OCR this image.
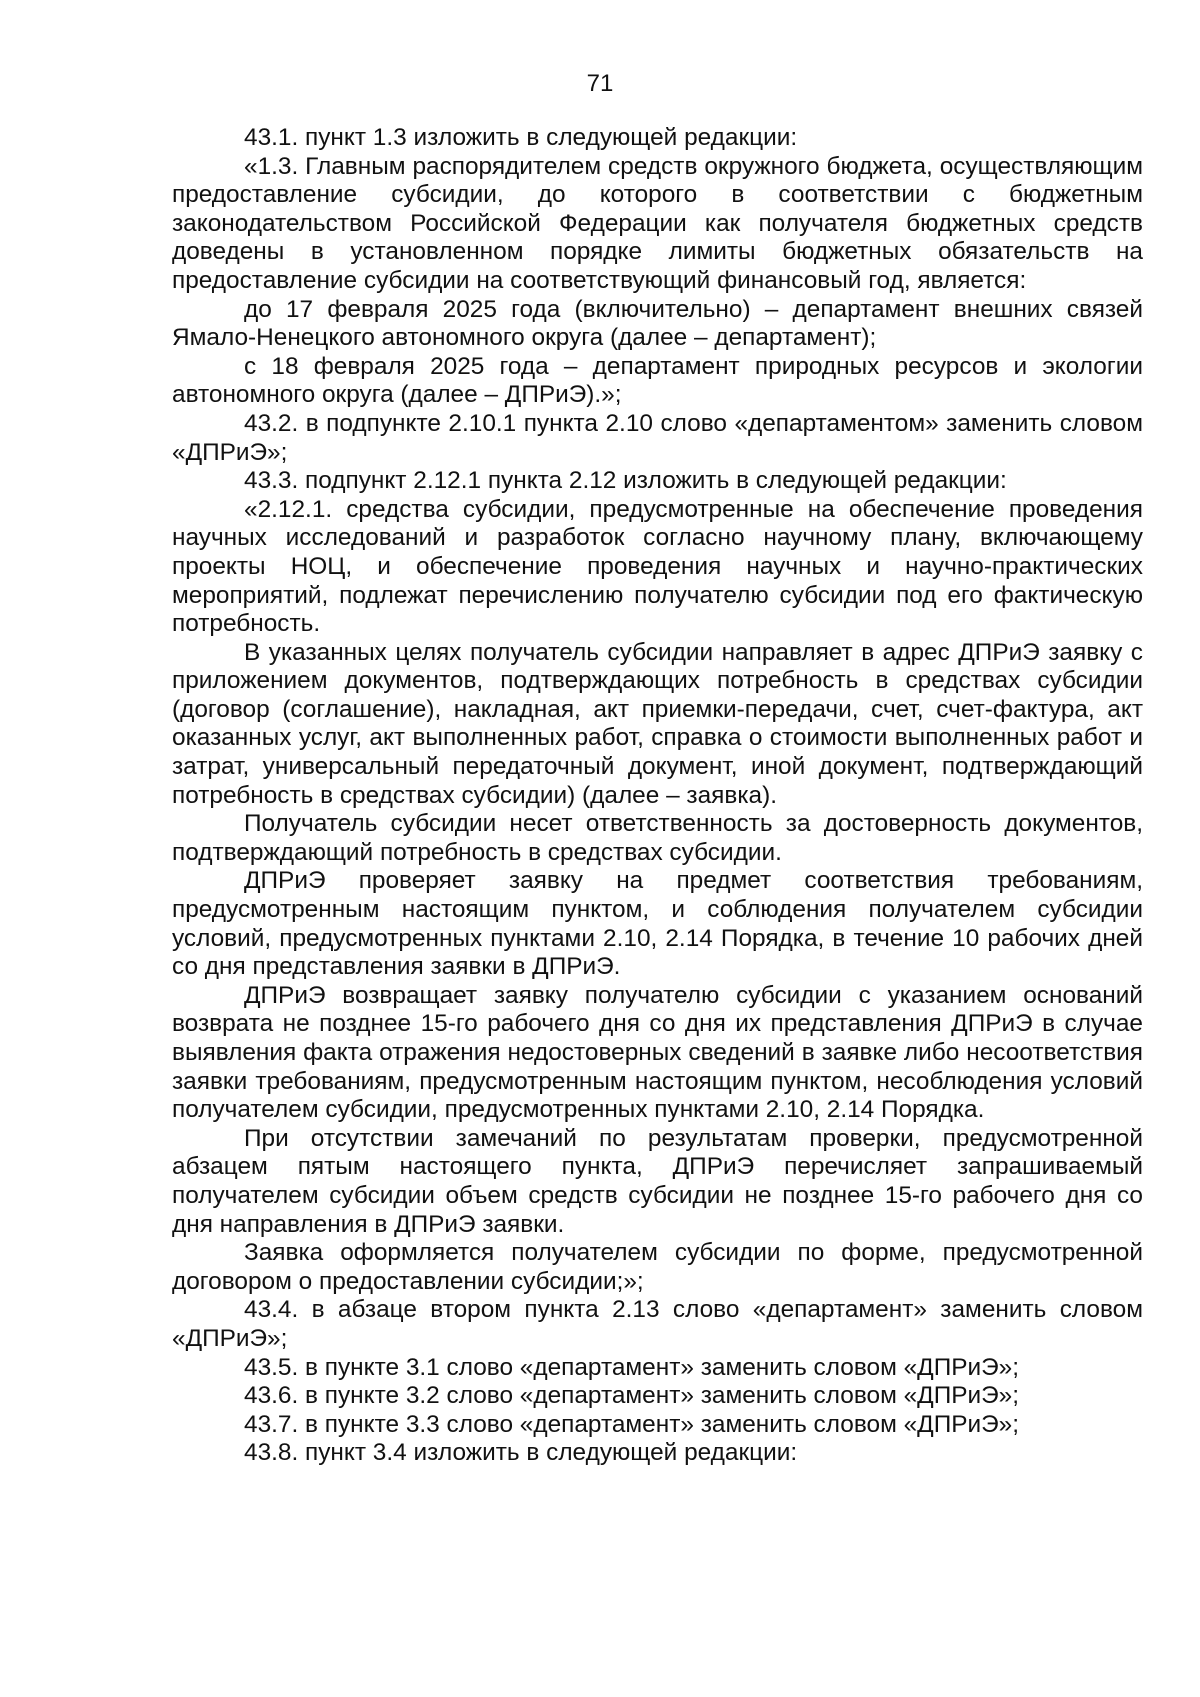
71

43.1. пункт 1.3 изложить в следующей редакции:

«1.3. Главным распорядителем средств окружного бюджета, осуществляющим предоставление субсидии, до которого в соответствии с бюджетным законодательством Российской Федерации как получателя бюджетных средств доведены в установленном порядке лимиты бюджетных обязательств на предоставление субсидии на соответствующий финансовый год, является:

до 17 февраля 2025 года (включительно) – департамент внешних связей Ямало-Ненецкого автономного округа (далее – департамент);

с 18 февраля 2025 года – департамент природных ресурсов и экологии автономного округа (далее – ДПРиЭ).»;

43.2. в подпункте 2.10.1 пункта 2.10 слово «департаментом» заменить словом «ДПРиЭ»;

43.3. подпункт 2.12.1 пункта 2.12 изложить в следующей редакции:

«2.12.1. средства субсидии, предусмотренные на обеспечение проведения научных исследований и разработок согласно научному плану, включающему проекты НОЦ, и обеспечение проведения научных и научно-практических мероприятий, подлежат перечислению получателю субсидии под его фактическую потребность.

В указанных целях получатель субсидии направляет в адрес ДПРиЭ заявку с приложением документов, подтверждающих потребность в средствах субсидии (договор (соглашение), накладная, акт приемки-передачи, счет, счет-фактура, акт оказанных услуг, акт выполненных работ, справка о стоимости выполненных работ и затрат, универсальный передаточный документ, иной документ, подтверждающий потребность в средствах субсидии) (далее – заявка).

Получатель субсидии несет ответственность за достоверность документов, подтверждающий потребность в средствах субсидии.

ДПРиЭ проверяет заявку на предмет соответствия требованиям, предусмотренным настоящим пунктом, и соблюдения получателем субсидии условий, предусмотренных пунктами 2.10, 2.14 Порядка, в течение 10 рабочих дней со дня представления заявки в ДПРиЭ.

ДПРиЭ возвращает заявку получателю субсидии с указанием оснований возврата не позднее 15-го рабочего дня со дня их представления ДПРиЭ в случае выявления факта отражения недостоверных сведений в заявке либо несоответствия заявки требованиям, предусмотренным настоящим пунктом, несоблюдения условий получателем субсидии, предусмотренных пунктами 2.10, 2.14 Порядка.

При отсутствии замечаний по результатам проверки, предусмотренной абзацем пятым настоящего пункта, ДПРиЭ перечисляет запрашиваемый получателем субсидии объем средств субсидии не позднее 15-го рабочего дня со дня направления в ДПРиЭ заявки.

Заявка оформляется получателем субсидии по форме, предусмотренной договором о предоставлении субсидии;»;

43.4. в абзаце втором пункта 2.13 слово «департамент» заменить словом «ДПРиЭ»;

43.5. в пункте 3.1 слово «департамент» заменить словом «ДПРиЭ»;

43.6. в пункте 3.2 слово «департамент» заменить словом «ДПРиЭ»;

43.7. в пункте 3.3 слово «департамент» заменить словом «ДПРиЭ»;

43.8. пункт 3.4 изложить в следующей редакции:
